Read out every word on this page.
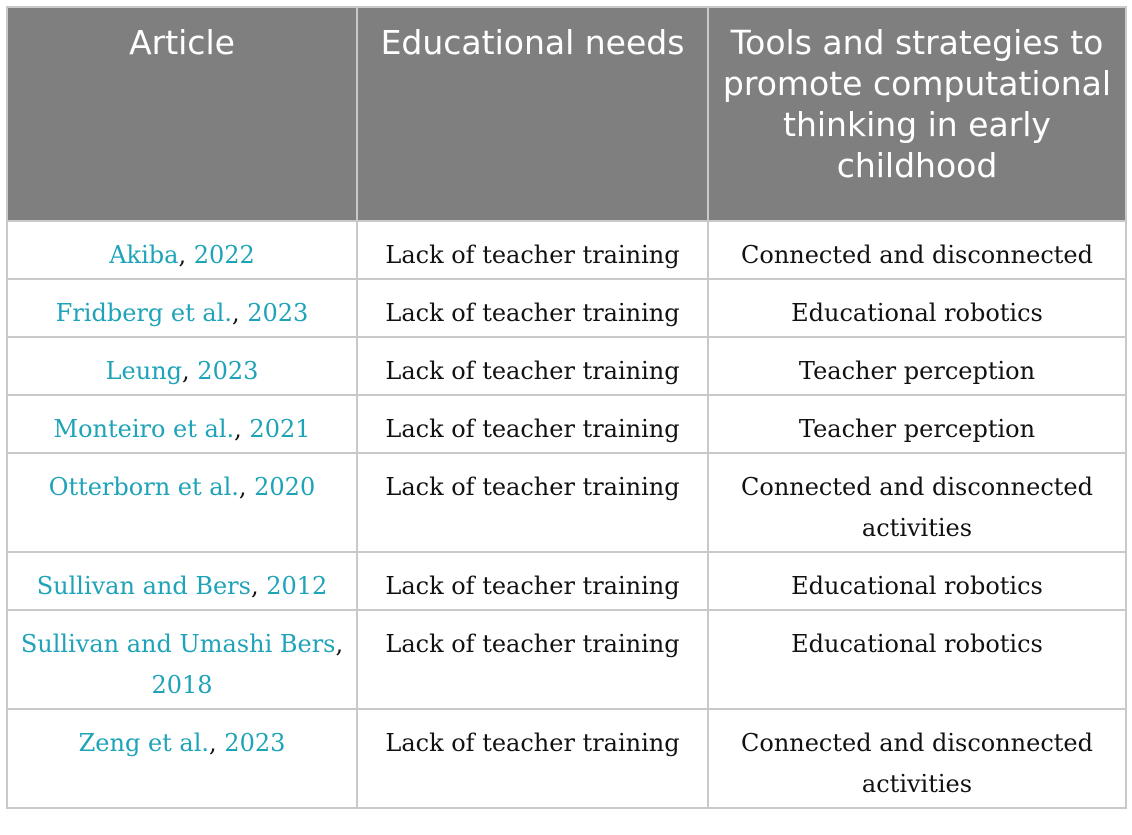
Article	Educational needs	Tools and strategies to promote computational thinking in early childhood
Akiba, 2022	Lack of teacher training	Connected and disconnected
Fridberg et al., 2023	Lack of teacher training	Educational robotics
Leung, 2023	Lack of teacher training	Teacher perception
Monteiro et al., 2021	Lack of teacher training	Teacher perception
Otterborn et al., 2020	Lack of teacher training	Connected and disconnected activities
Sullivan and Bers, 2012	Lack of teacher training	Educational robotics
Sullivan and Umashi Bers, 2018	Lack of teacher training	Educational robotics
Zeng et al., 2023	Lack of teacher training	Connected and disconnected activities
